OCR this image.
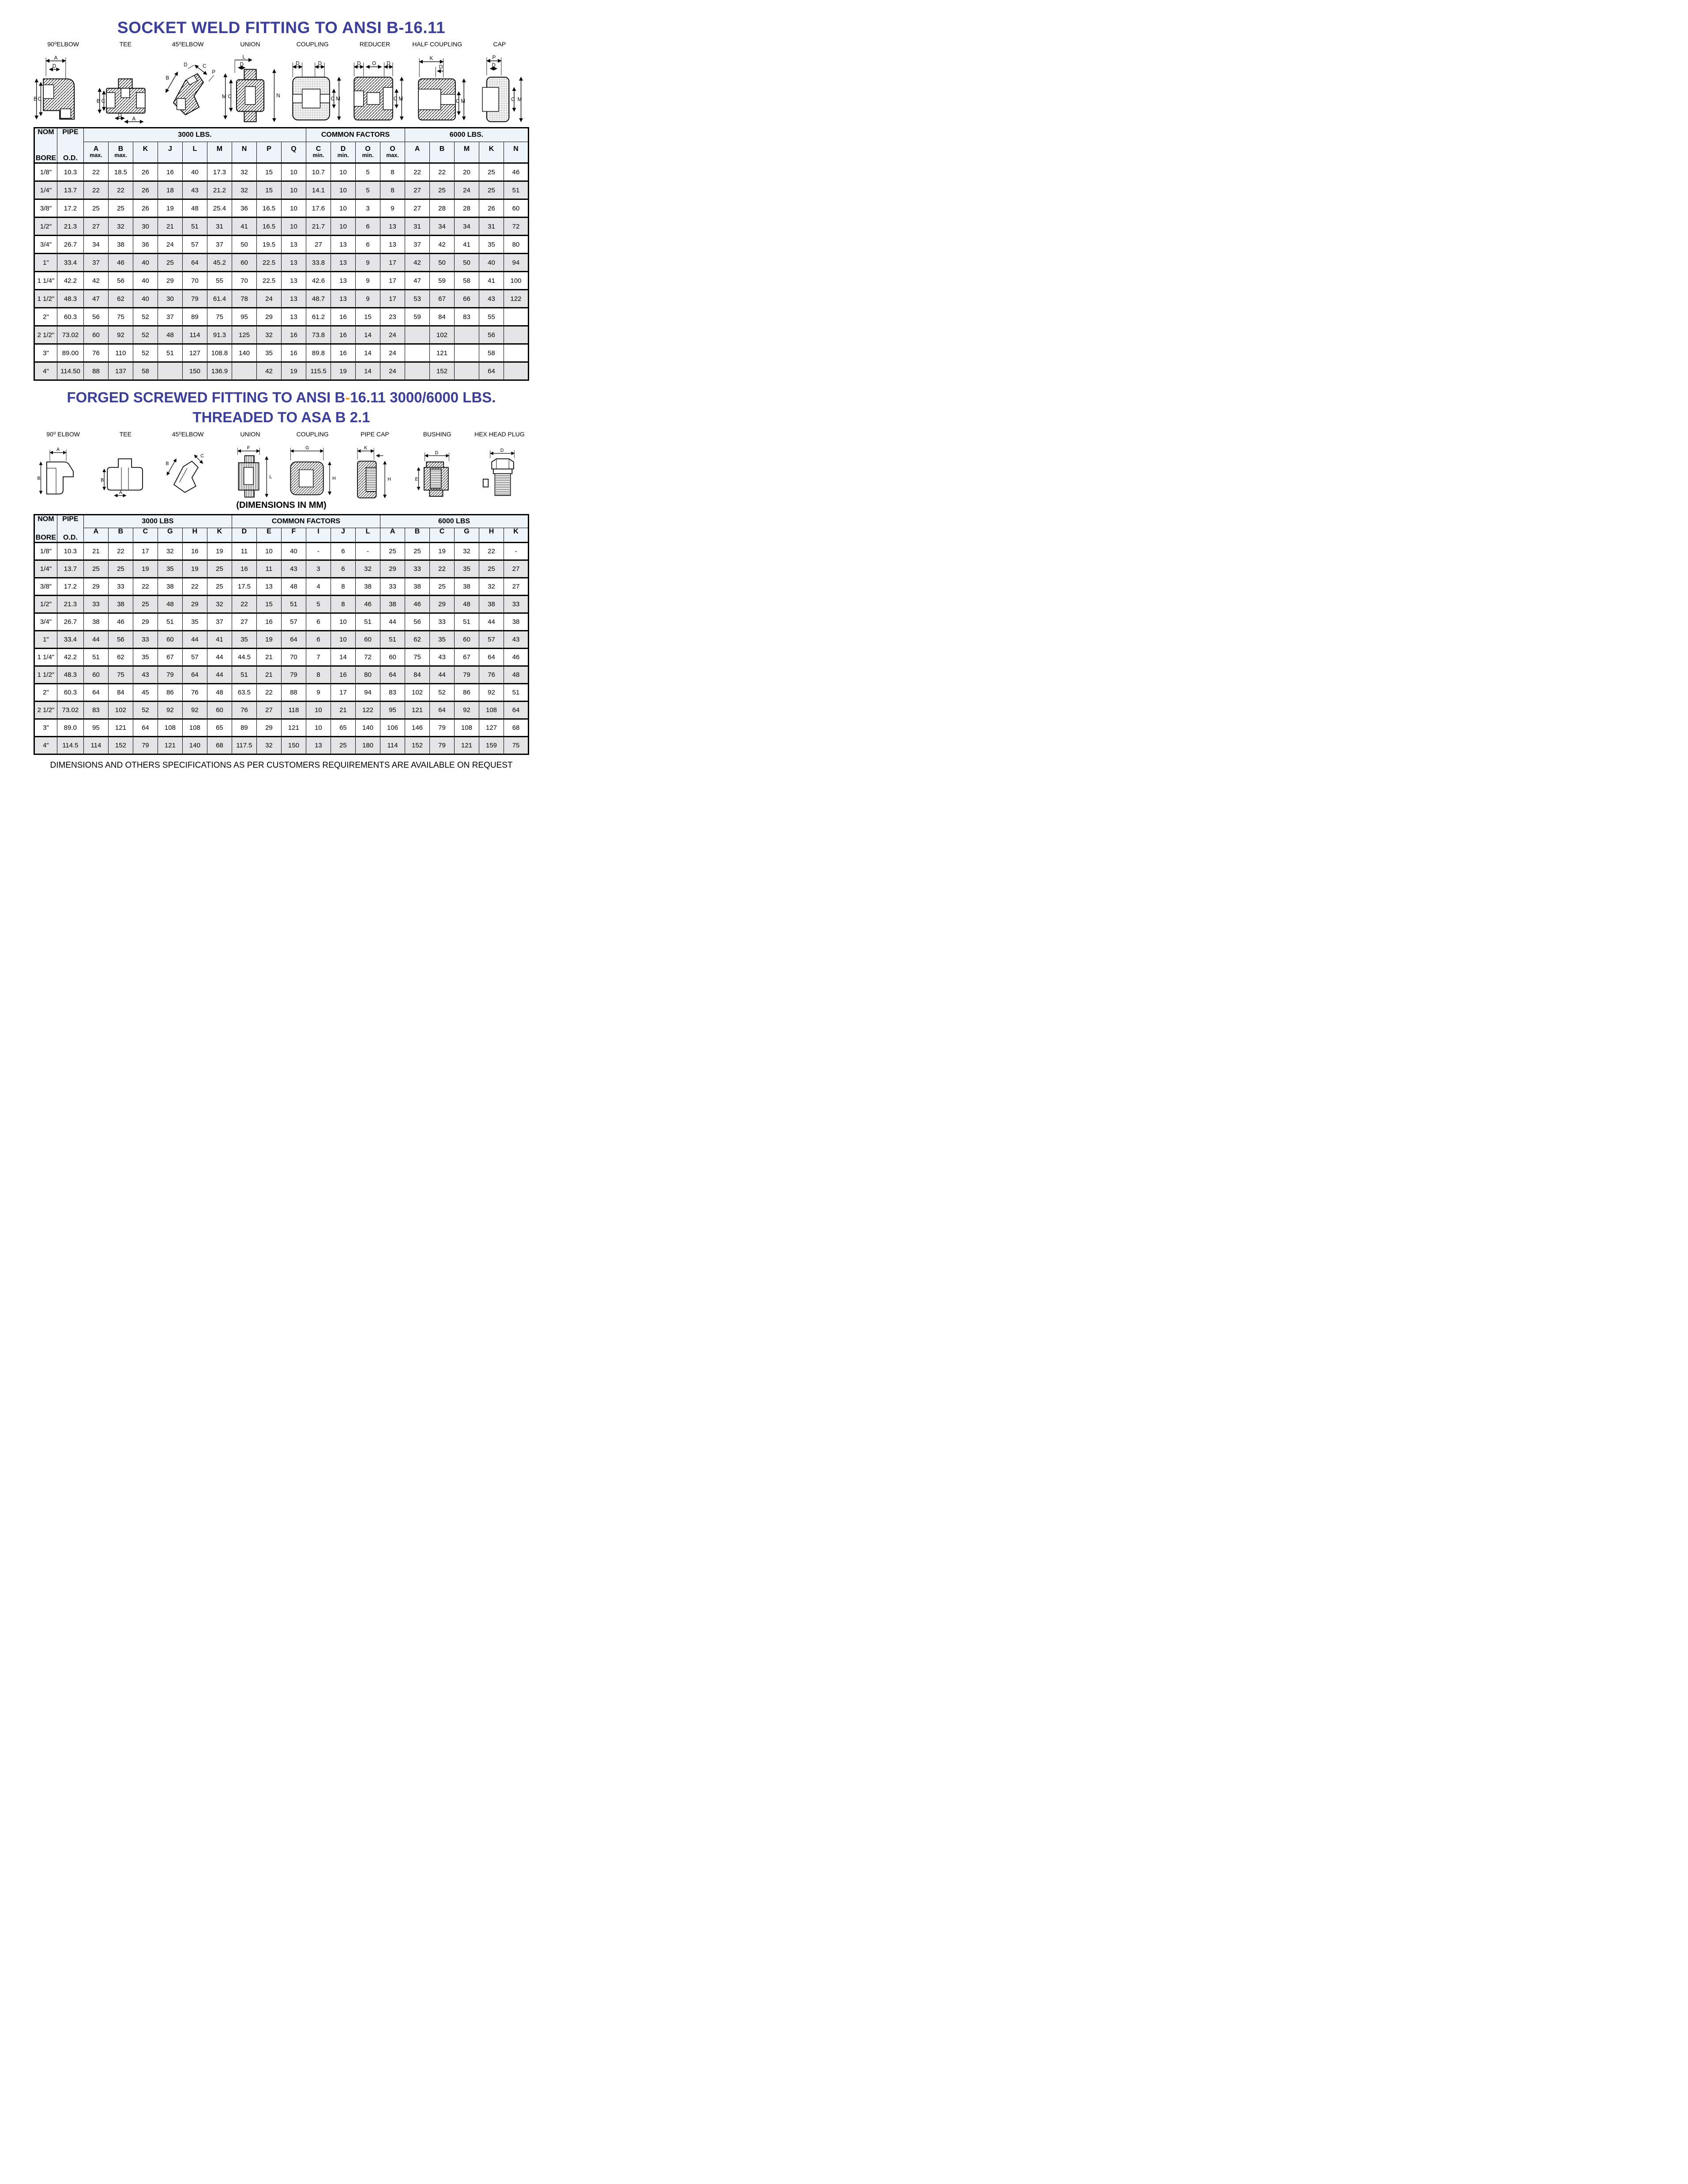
SOCKET WELD FITTING TO ANSI B-16.11
90⁰ELBOW
A
D
B C
TEE
B C
D
A
45⁰ELBOW
B
C
D
P
UNION
L
D
M C	N
COUPLING
D	D
C M
REDUCER
D O D
C M
HALF COUPLING
K
D
C M
CAP
P
D
C M
NOM
BORE

PIPE
O.D.
	3000 LBS.	COMMON FACTORS	6000 LBS.

A
max.

B
max.

K	J	L	M	N	P	Q	C
min.

D
min.

O
min.

O
max.

A	B	M	K	N

1/8"	10.3	22	18.5	26	16	40	17.3	32	15	10	10.7	10	5	8	22	22	20	25	46
1/4"	13.7	22	22	26	18	43	21.2	32	15	10	14.1	10	5	8	27	25	24	25	51
3/8"	17.2	25	25	26	19	48	25.4	36	16.5	10	17.6	10	3	9	27	28	28	26	60
1/2"	21.3	27	32	30	21	51	31	41	16.5	10	21.7	10	6	13	31	34	34	31	72
3/4"	26.7	34	38	36	24	57	37	50	19.5	13	27	13	6	13	37	42	41	35	80
1"	33.4	37	46	40	25	64	45.2	60	22.5	13	33.8	13	9	17	42	50	50	40	94
1 1/4"	42.2	42	56	40	29	70	55	70	22.5	13	42.6	13	9	17	47	59	58	41	100
1 1/2"	48.3	47	62	40	30	79	61.4	78	24	13	48.7	13	9	17	53	67	66	43	122
2"	60.3	56	75	52	37	89	75	95	29	13	61.2	16	15	23	59	84	83	55	
2 1/2"	73.02	60	92	52	48	114	91.3	125	32	16	73.8	16	14	24		102		56	
3"	89.00	76	110	52	51	127	108.8	140	35	16	89.8	16	14	24		121		58	
4"	114.50	88	137	58		150	136.9		42	19	115.5	19	14	24		152		64	
FORGED SCREWED FITTING TO ANSI B-16.11 3000/6000 LBS.
THREADED TO ASA B 2.1
90⁰ ELBOW
A
B
TEE
B
A
45⁰ELBOW
B
C
UNION
F
L
COUPLING
G
H
PIPE CAP
K
H
BUSHING
D
E
HEX HEAD PLUG
D
(DIMENSIONS IN MM)
NOM
BORE

PIPE
O.D.
	3000 LBS	COMMON FACTORS	6000 LBS

		A	B	C	G	H	K	D	E	F	I	J	L	A	B	C	G	H	K

1/8"	10.3	21	22	17	32	16	19	11	10	40	-	6	-	25	25	19	32	22	-
1/4"	13.7	25	25	19	35	19	25	16	11	43	3	6	32	29	33	22	35	25	27
3/8"	17.2	29	33	22	38	22	25	17.5	13	48	4	8	38	33	38	25	38	32	27
1/2"	21.3	33	38	25	48	29	32	22	15	51	5	8	46	38	46	29	48	38	33
3/4"	26.7	38	46	29	51	35	37	27	16	57	6	10	51	44	56	33	51	44	38
1"	33.4	44	56	33	60	44	41	35	19	64	6	10	60	51	62	35	60	57	43
1 1/4"	42.2	51	62	35	67	57	44	44.5	21	70	7	14	72	60	75	43	67	64	46
1 1/2"	48.3	60	75	43	79	64	44	51	21	79	8	16	80	64	84	44	79	76	48
2"	60.3	64	84	45	86	76	48	63.5	22	88	9	17	94	83	102	52	86	92	51
2 1/2"	73.02	83	102	52	92	92	60	76	27	118	10	21	122	95	121	64	92	108	64
3"	89.0	95	121	64	108	108	65	89	29	121	10	65	140	106	146	79	108	127	68
4"	114.5	114	152	79	121	140	68	117.5	32	150	13	25	180	114	152	79	121	159	75
DIMENSIONS AND OTHERS SPECIFICATIONS AS PER CUSTOMERS REQUIREMENTS ARE AVAILABLE ON REQUEST
